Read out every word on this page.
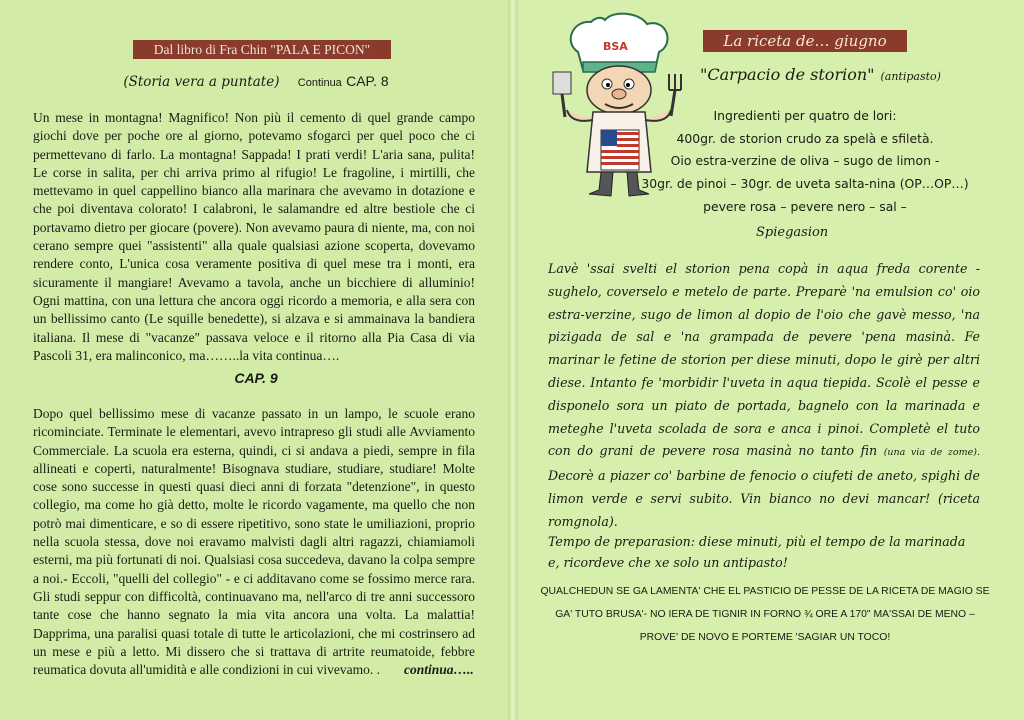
Dal libro di Fra Chin "PALA E PICON"
(Storia vera a puntate) Continua CAP. 8

Un mese in montagna! Magnifico! Non più il cemento di quel grande campo giochi dove per poche ore al giorno, potevamo sfogarci per quel poco che ci permettevano di farlo. La montagna! Sappada! I prati verdi! L'aria sana, pulita! Le corse in salita, per chi arriva primo al rifugio! Le fragoline, i mirtilli, che mettevamo in quel cappellino bianco alla marinara che avevamo in dotazione e che poi diventava colorato! I calabroni, le salamandre ed altre bestiole che ci portavamo dietro per giocare (povere). Non avevamo paura di niente, ma, con noi cerano sempre quei "assistenti" alla quale qualsiasi azione scoperta, dovevamo rendere conto, L'unica cosa veramente positiva di quel mese tra i monti, era sicuramente il mangiare! Avevamo a tavola, anche un bicchiere di alluminio! Ogni mattina, con una lettura che ancora oggi ricordo a memoria, e alla sera con un bellissimo canto (Le squille benedette), si alzava e si ammainava la bandiera italiana. Il mese di "vacanze" passava veloce e il ritorno alla Pia Casa di via Pascoli 31, era malinconico, ma……..la vita continua….

CAP. 9

Dopo quel bellissimo mese di vacanze passato in un lampo, le scuole erano ricominciate. Terminate le elementari, avevo intrapreso gli studi alle Avviamento Commerciale. La scuola era esterna, quindi, ci si andava a piedi, sempre in fila allineati e coperti, naturalmente! Bisognava studiare, studiare, studiare! Molte cose sono successe in questi quasi dieci anni di forzata "detenzione", in questo collegio, ma come ho già detto, molte le ricordo vagamente, ma quello che non potrò mai dimenticare, e so di essere ripetitivo, sono state le umiliazioni, proprio nella scuola stessa, dove noi eravamo malvisti dagli altri ragazzi, chiamiamoli esterni, ma più fortunati di noi. Qualsiasi cosa succedeva, davano la colpa sempre a noi.- Eccoli, "quelli del collegio" - e ci additavano come se fossimo merce rara. Gli studi seppur con difficoltà, continuavano ma, nell'arco di tre anni successoro tante cose che hanno segnato la mia vita ancora una volta. La malattia! Dapprima, una paralisi quasi totale di tutte le articolazioni, che mi costrinsero ad un mese e più a letto. Mi dissero che si trattava di artrite reumatoide, febbre reumatica dovuta all'umidità e alle condizioni in cui vivevamo. . continua…..

BSA	La riceta de… giugno
"Carpacio de storion" (antipasto)
Ingredienti per quatro de lori:
400gr. de storion crudo za spelà e sfiletà.
Oio estra-verzine de oliva – sugo de limon -
30gr. de pinoi – 30gr. de uveta salta-nina (OP…OP…)
pevere rosa – pevere nero – sal –
Spiegasion

Lavè 'ssai svelti el storion pena copà in aqua freda corente - sughelo, coverselo e metelo de parte. Preparè 'na emulsion co' oio estra-verzine, sugo de limon al dopio de l'oio che gavè messo, 'na pizigada de sal e 'na grampada de pevere 'pena masinà. Fe marinar le fetine de storion per diese minuti, dopo le girè per altri diese. Intanto fe 'morbidir l'uveta in aqua tiepida. Scolè el pesse e disponelo sora un piato de portada, bagnelo con la marinada e meteghe l'uveta scolada de sora e anca i pinoi. Completè el tuto con do grani de pevere rosa masinà no tanto fin (una via de zome). Decorè a piazer co' barbine de fenocio o ciufeti de aneto, spighi de limon verde e servi subito. Vin bianco no devi mancar! (riceta romgnola).

Tempo de preparasion: diese minuti, più el tempo de la marinada e, ricordeve che xe solo un antipasto!

QUALCHEDUN SE GA LAMENTA' CHE EL PASTICIO DE PESSE DE LA RICETA DE MAGIO SE GA' TUTO BRUSA'- NO IERA DE TIGNIR IN FORNO ¾ ORE A 170" MA'SSAI DE MENO – PROVE' DE NOVO E PORTEME 'SAGIAR UN TOCO!
